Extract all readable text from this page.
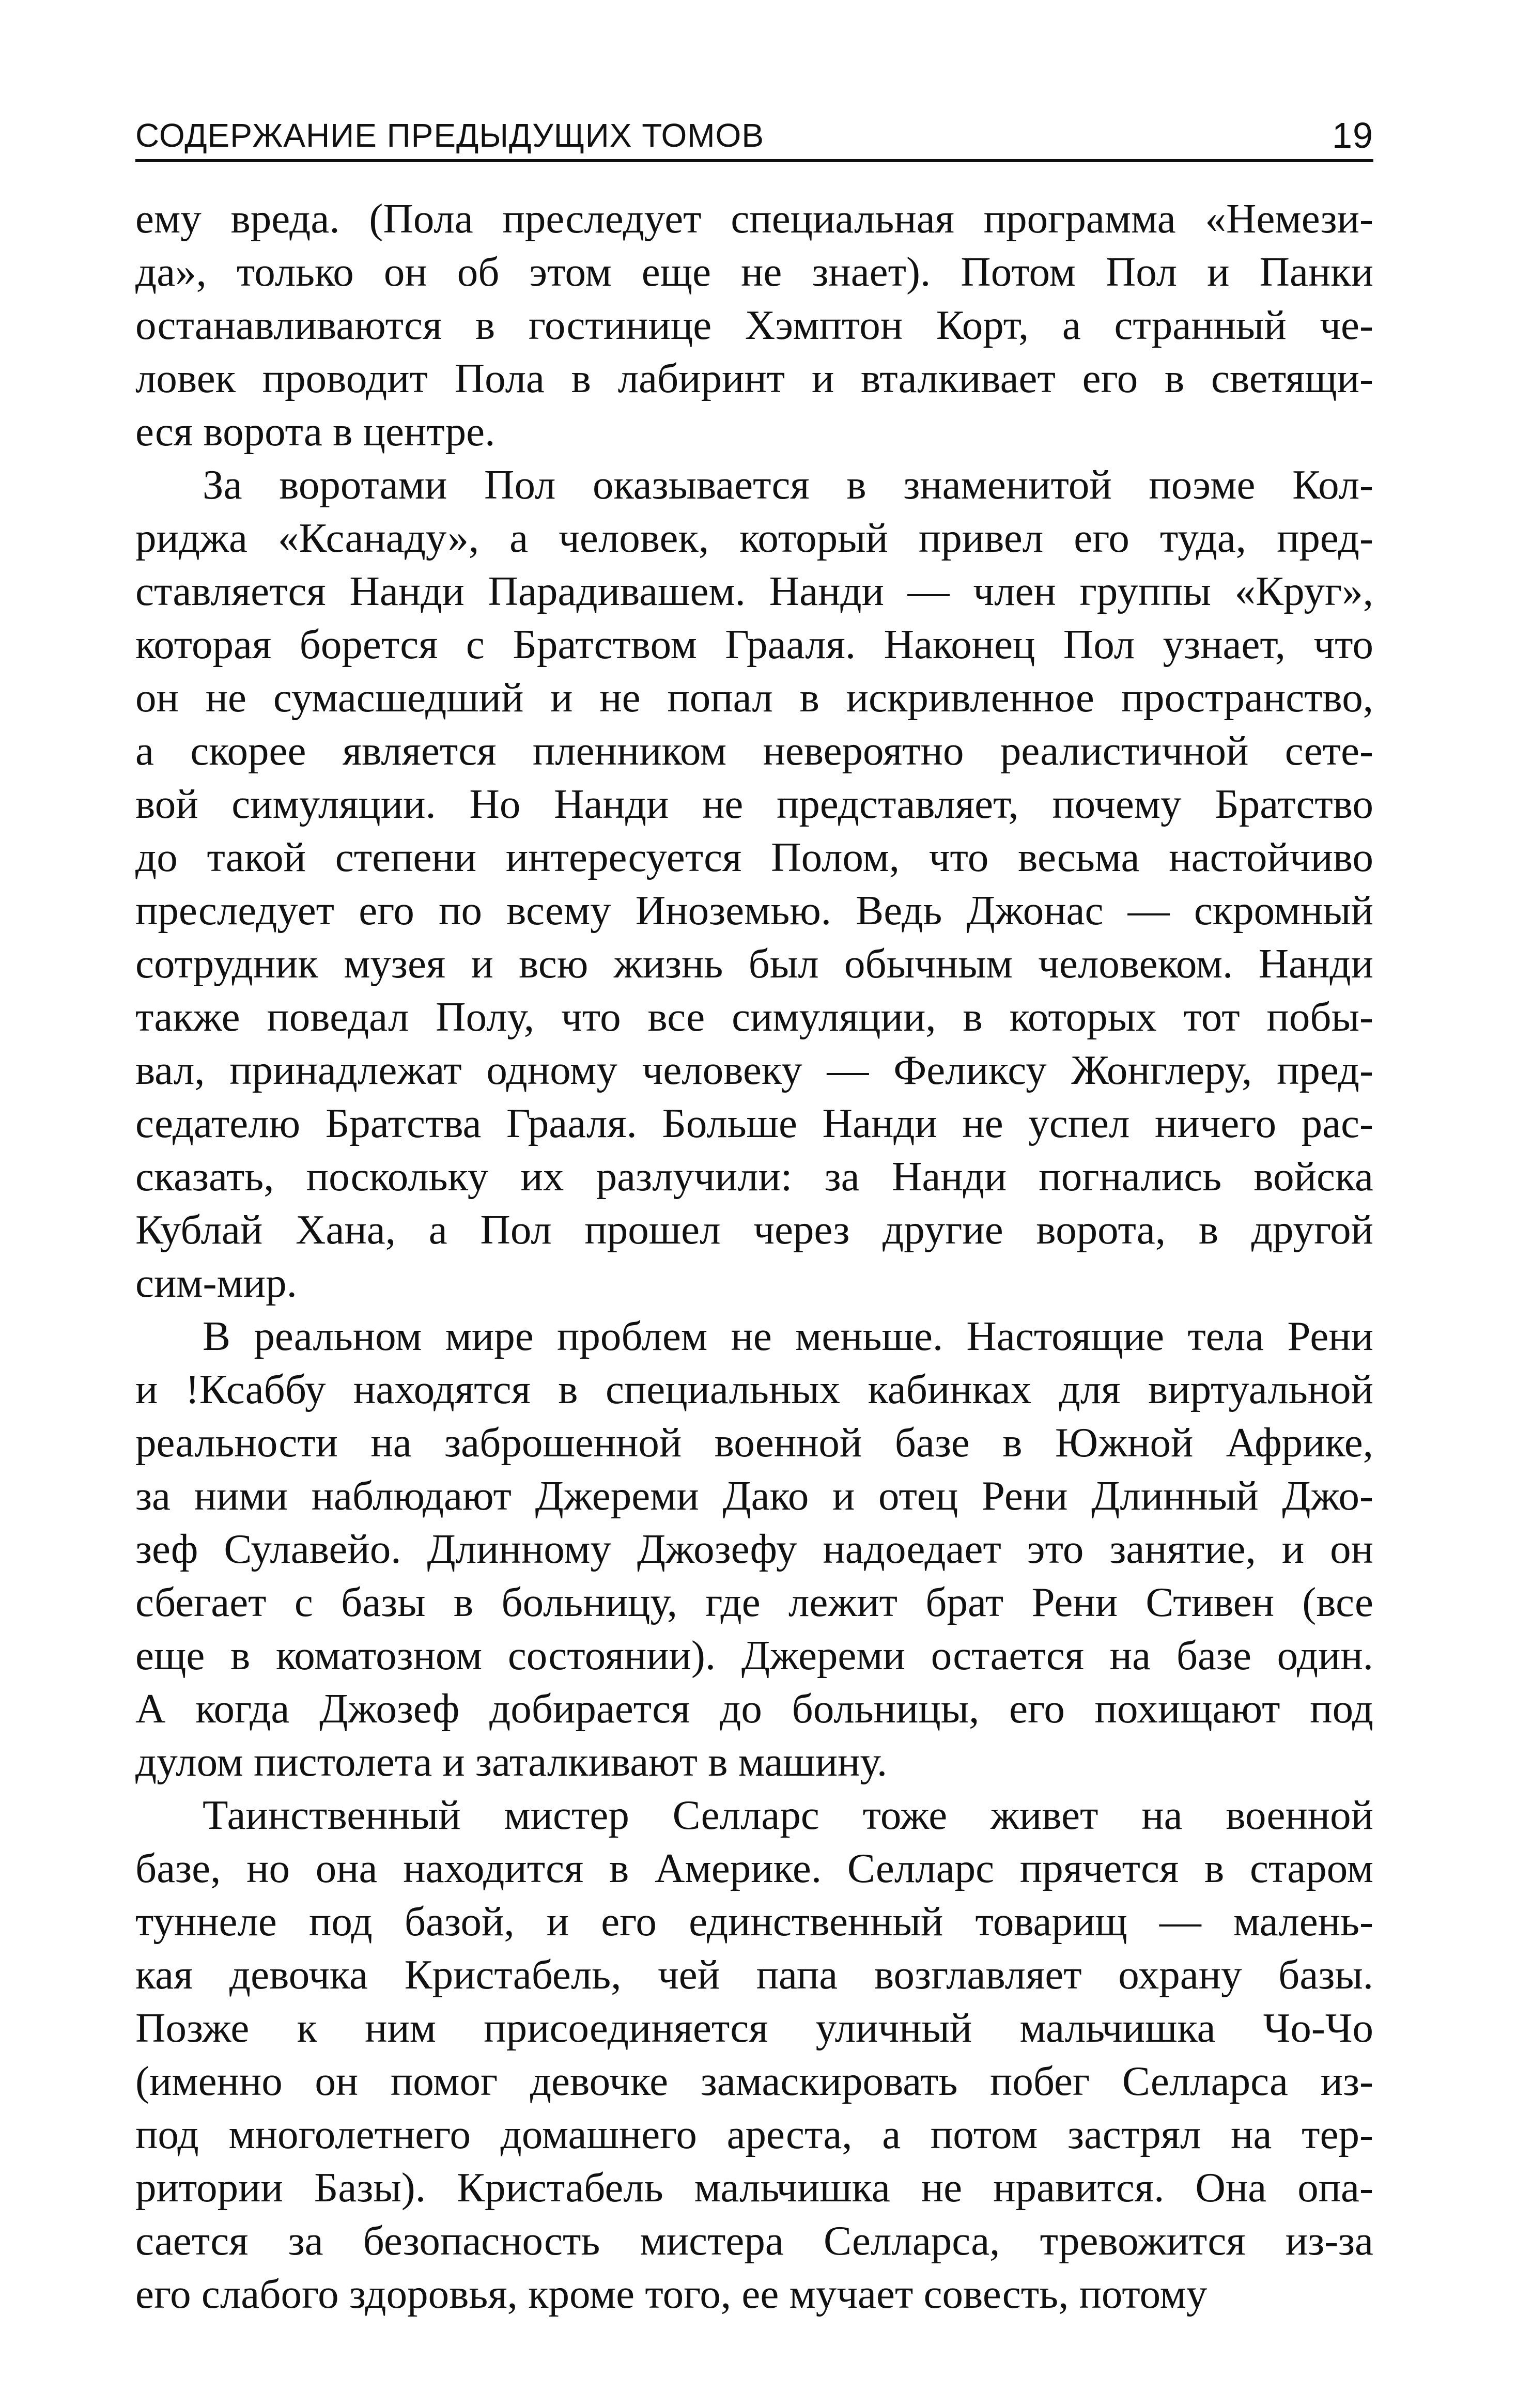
СОДЕРЖАНИЕ ПРЕДЫДУЩИХ ТОМОВ	19
ему вреда. (Пола преследует специальная программа «Немези-
да», только он об этом еще не знает). Потом Пол и Панки
останавливаются в гостинице Хэмптон Корт, а странный че-
ловек проводит Пола в лабиринт и вталкивает его в светящи-
еся ворота в центре.
За воротами Пол оказывается в знаменитой поэме Кол-
риджа «Ксанаду», а человек, который привел его туда, пред-
ставляется Нанди Парадивашем. Нанди — член группы «Круг»,
которая борется с Братством Грааля. Наконец Пол узнает, что
он не сумасшедший и не попал в искривленное пространство,
а скорее является пленником невероятно реалистичной сете-
вой симуляции. Но Нанди не представляет, почему Братство
до такой степени интересуется Полом, что весьма настойчиво
преследует его по всему Иноземью. Ведь Джонас — скромный
сотрудник музея и всю жизнь был обычным человеком. Нанди
также поведал Полу, что все симуляции, в которых тот побы-
вал, принадлежат одному человеку — Феликсу Жонглеру, пред-
седателю Братства Грааля. Больше Нанди не успел ничего рас-
сказать, поскольку их разлучили: за Нанди погнались войска
Кублай Хана, а Пол прошел через другие ворота, в другой
сим-мир.
В реальном мире проблем не меньше. Настоящие тела Рени
и !Ксаббу находятся в специальных кабинках для виртуальной
реальности на заброшенной военной базе в Южной Африке,
за ними наблюдают Джереми Дако и отец Рени Длинный Джо-
зеф Сулавейо. Длинному Джозефу надоедает это занятие, и он
сбегает с базы в больницу, где лежит брат Рени Стивен (все
еще в коматозном состоянии). Джереми остается на базе один.
А когда Джозеф добирается до больницы, его похищают под
дулом пистолета и заталкивают в машину.
Таинственный мистер Селларс тоже живет на военной
базе, но она находится в Америке. Селларс прячется в старом
туннеле под базой, и его единственный товарищ — малень-
кая девочка Кристабель, чей папа возглавляет охрану базы.
Позже к ним присоединяется уличный мальчишка Чо-Чо
(именно он помог девочке замаскировать побег Селларса из-
под многолетнего домашнего ареста, а потом застрял на тер-
ритории Базы). Кристабель мальчишка не нравится. Она опа-
сается за безопасность мистера Селларса, тревожится из-за
его слабого здоровья, кроме того, ее мучает совесть, потому
